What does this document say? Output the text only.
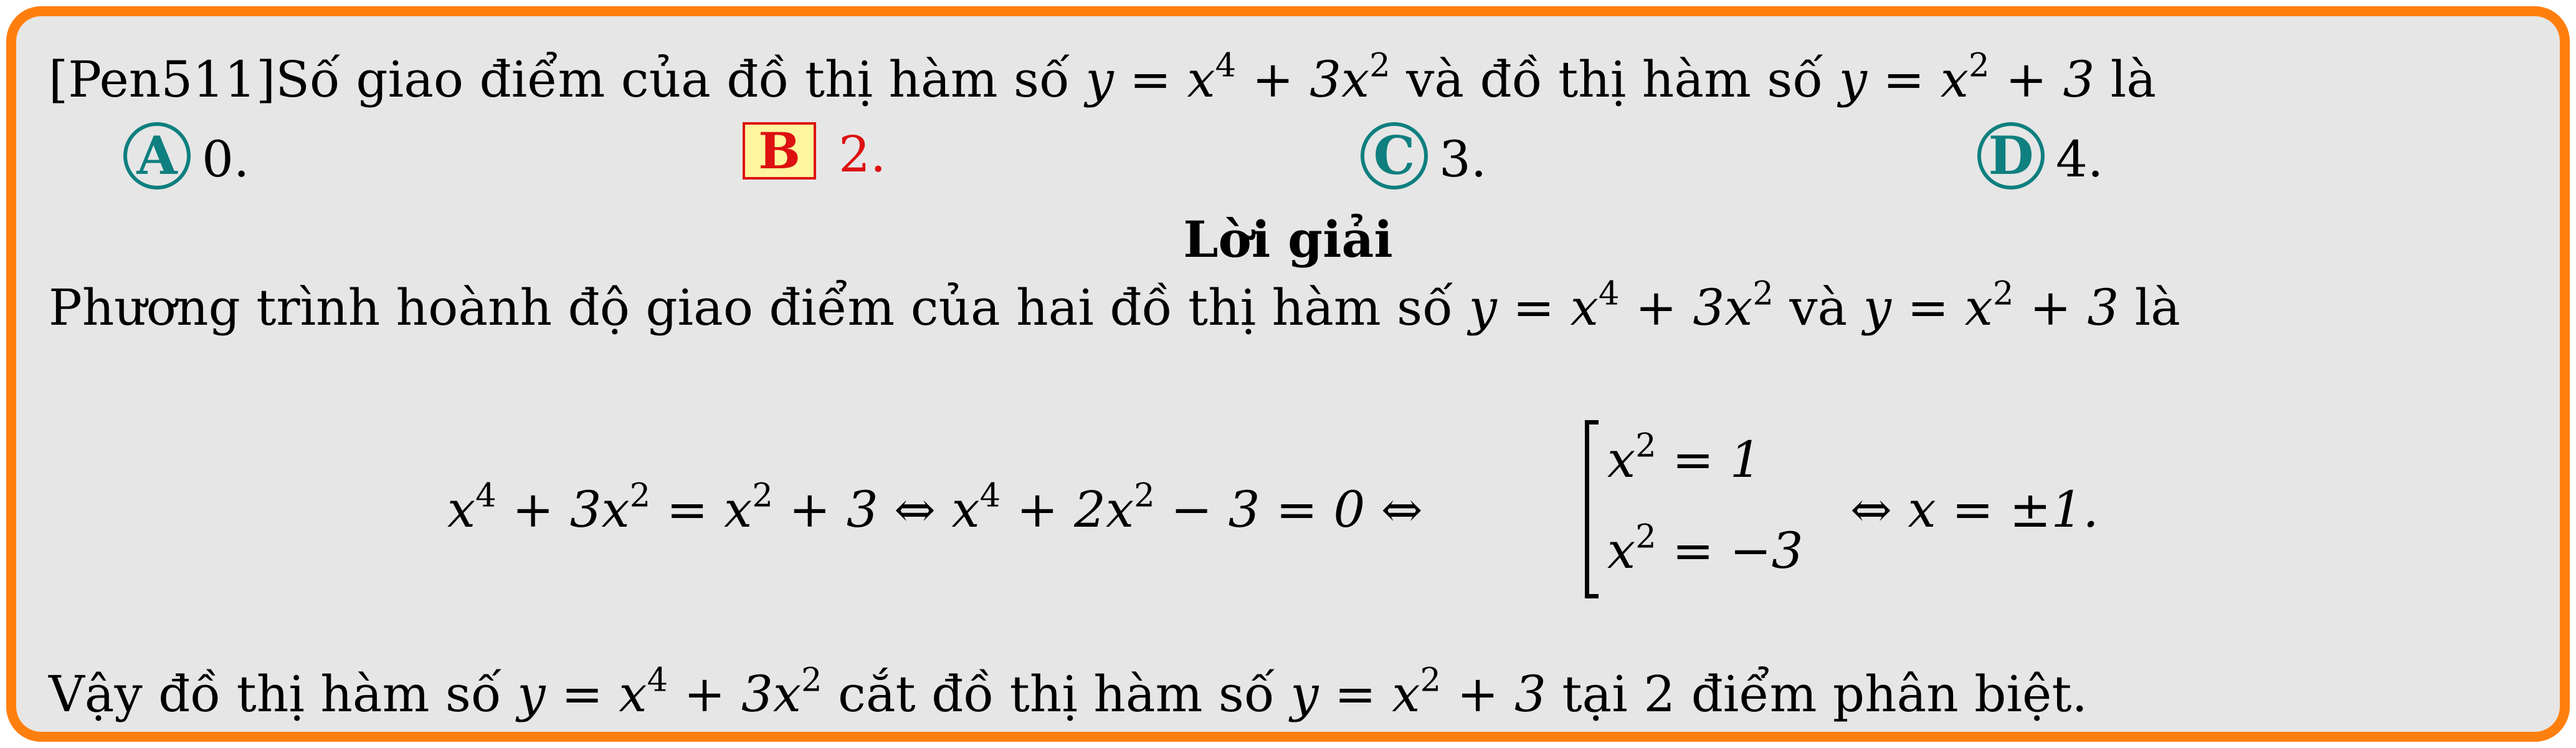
[Pen511]Số giao điểm của đồ thị hàm số $y = x^4 + 3x^2$ và đồ thị hàm số $y = x^2 + 3$ là
A 0.	B 2.	C 3.	D 4.
Lời giải
Phương trình hoành độ giao điểm của hai đồ thị hàm số $y = x^4 + 3x^2$ và $y = x^2 + 3$ là
$x^4 + 3x^2 = x^2 + 3$ ⇔ $x^4 + 2x^2 - 3 = 0$ ⇔
$x^2 = 1$
$x^2 = -3$
⇔ x = ±1.
Vậy đồ thị hàm số $y = x^4 + 3x^2$ cắt đồ thị hàm số $y = x^2 + 3$ tại 2 điểm phân biệt.
